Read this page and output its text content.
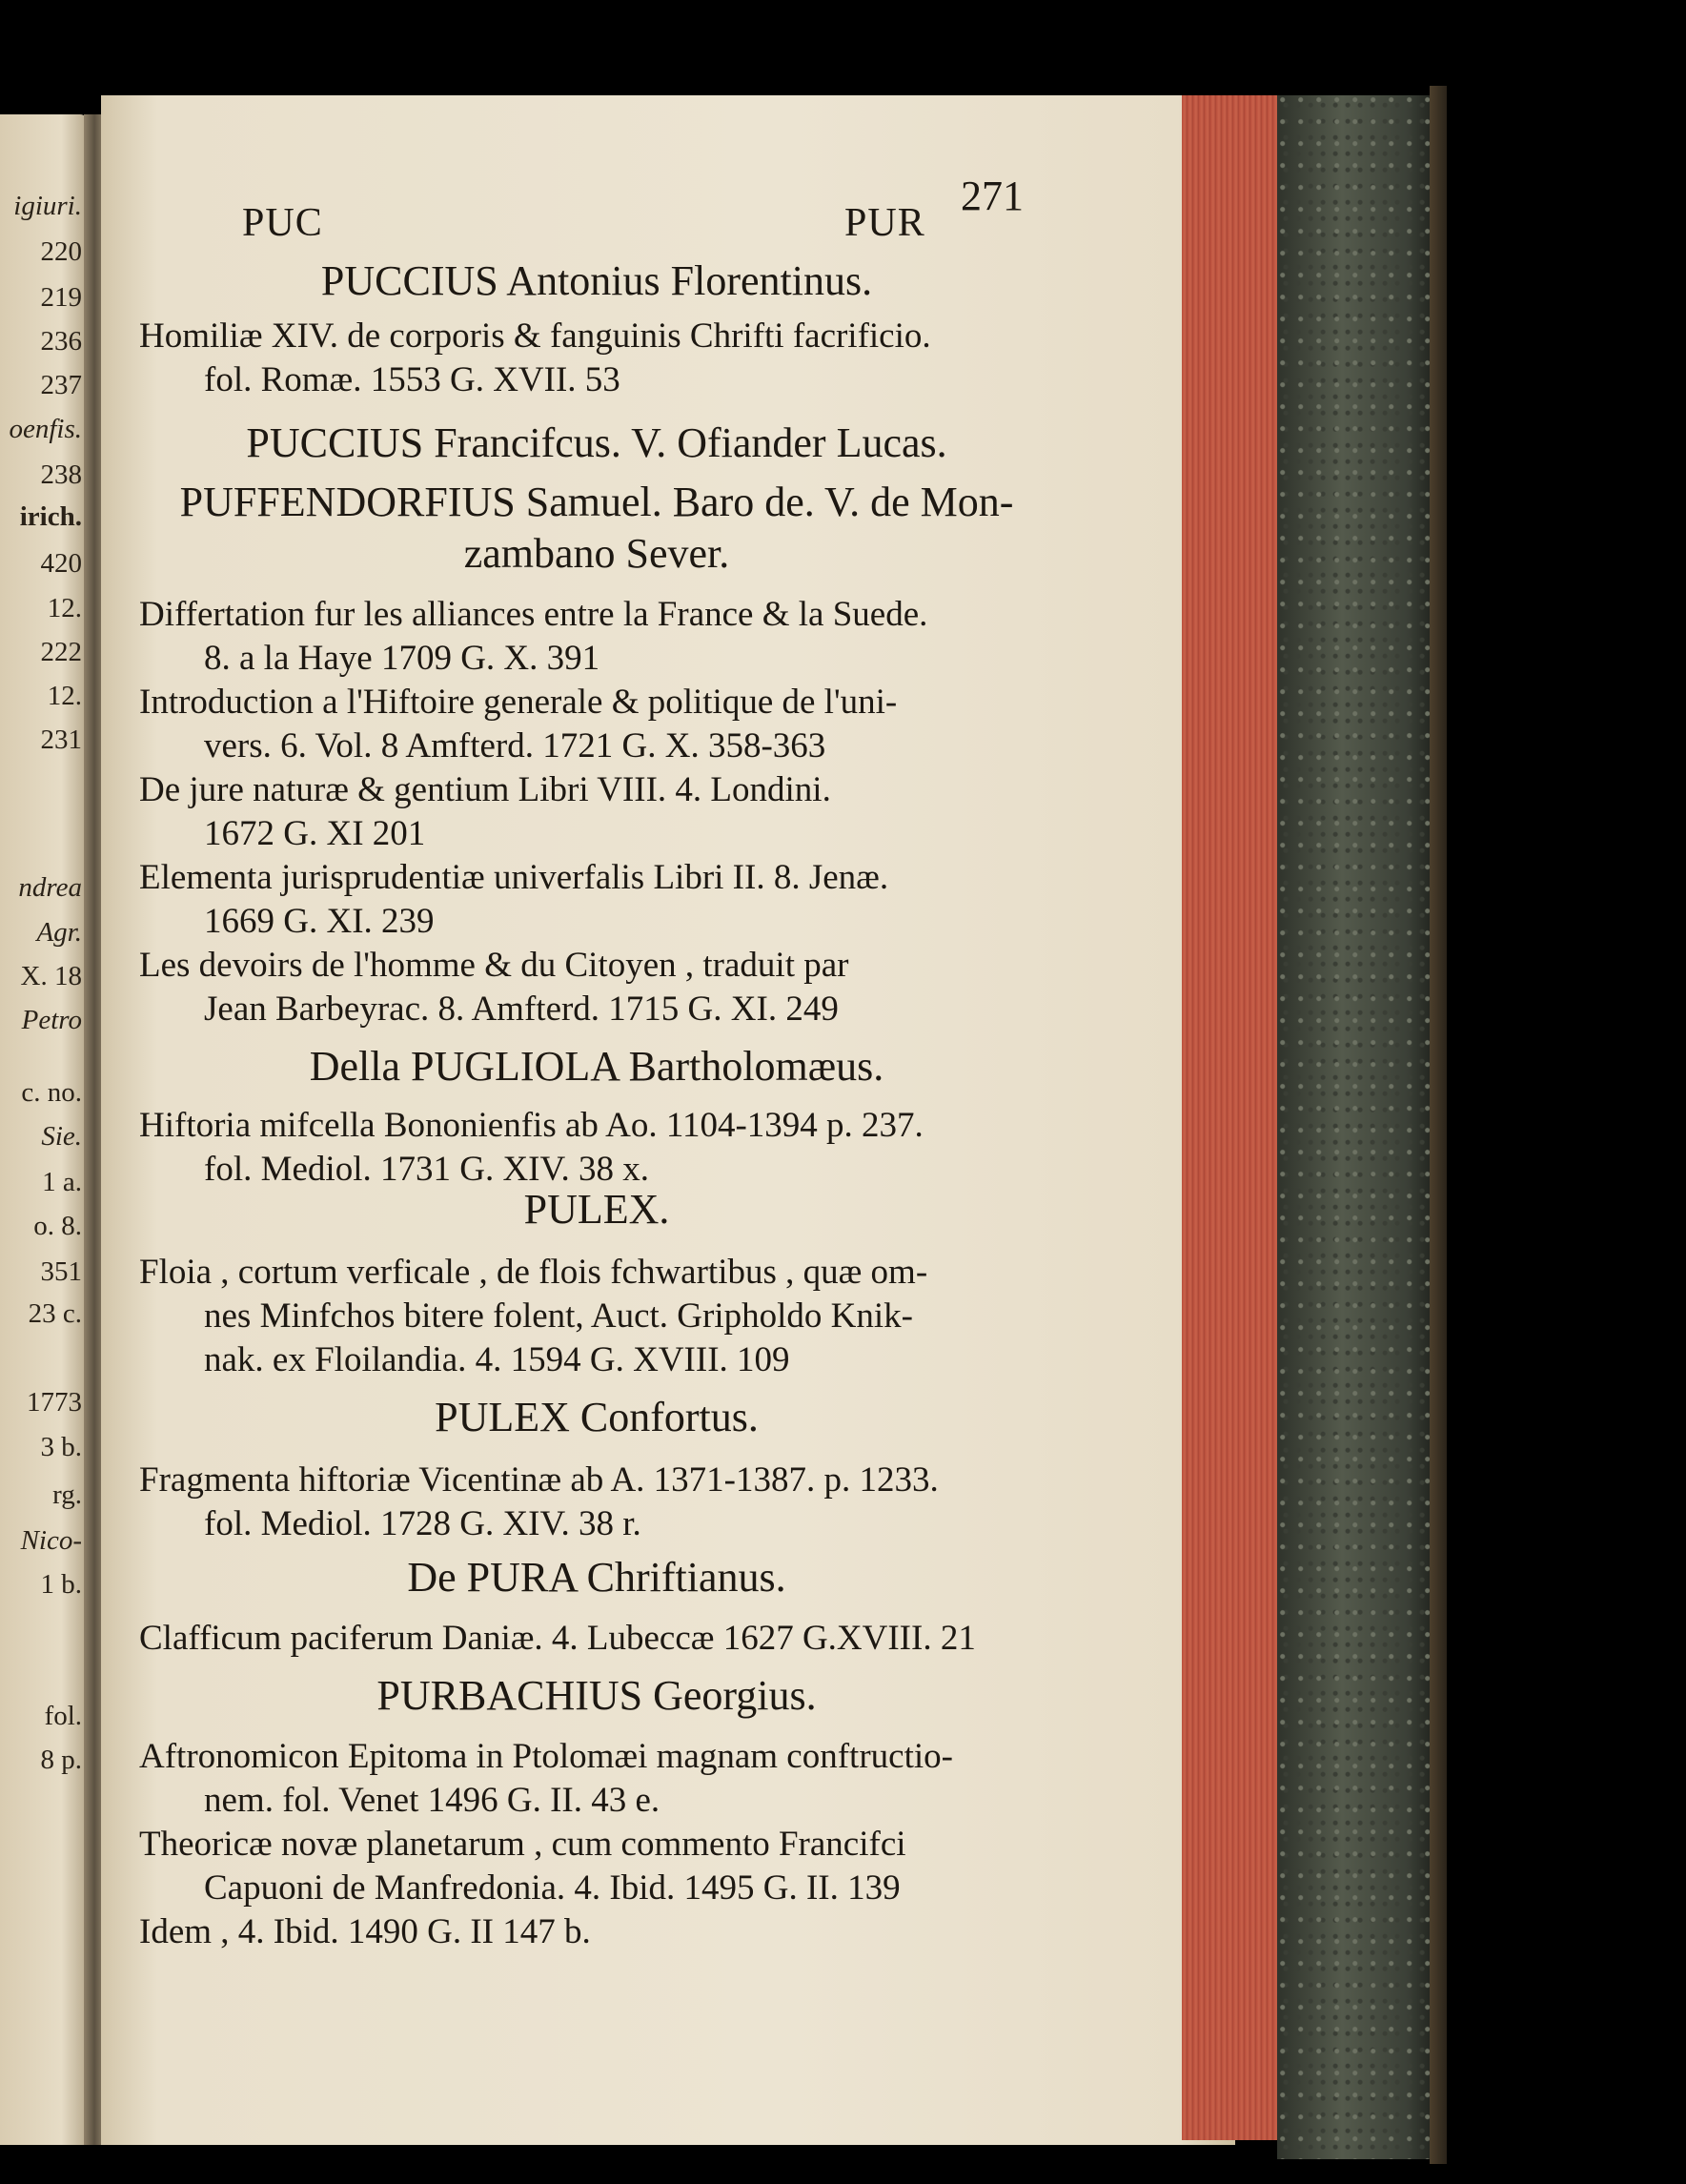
igiuri.
220
219
236
237
oenfis.
238
irich.
420
12.
222
12.
231
ndrea
Agr.
X. 18
Petro
c. no.
Sie.
1 a.
o. 8.
351
23 c.
1773
3 b.
rg.
Nico-
1 b.
fol.
8 p.
PUC	PUR
271
PUCCIUS Antonius Florentinus.
Homiliæ XIV. de corporis & fanguinis Chrifti facrificio.
fol. Romæ. 1553 G. XVII. 53
PUCCIUS Francifcus. V. Ofiander Lucas.
PUFFENDORFIUS Samuel. Baro de. V. de Mon-
zambano Sever.
Differtation fur les alliances entre la France & la Suede.
8. a la Haye 1709 G. X. 391
Introduction a l'Hiftoire generale & politique de l'uni-
vers. 6. Vol. 8 Amfterd. 1721 G. X. 358-363
De jure naturæ & gentium Libri VIII. 4. Londini.
1672 G. XI 201
Elementa jurisprudentiæ univerfalis Libri II. 8. Jenæ.
1669 G. XI. 239
Les devoirs de l'homme & du Citoyen , traduit par
Jean Barbeyrac. 8. Amfterd. 1715 G. XI. 249
Della PUGLIOLA Bartholomæus.
Hiftoria mifcella Bononienfis ab Ao. 1104-1394 p. 237.
fol. Mediol. 1731 G. XIV. 38 x.
PULEX.
Floia , cortum verficale , de flois fchwartibus , quæ om-
nes Minfchos bitere folent, Auct. Gripholdo Knik-
nak. ex Floilandia. 4. 1594 G. XVIII. 109
PULEX Confortus.
Fragmenta hiftoriæ Vicentinæ ab A. 1371-1387. p. 1233.
fol. Mediol. 1728 G. XIV. 38 r.
De PURA Chriftianus.
Clafficum paciferum Daniæ. 4. Lubeccæ 1627 G.XVIII. 21
PURBACHIUS Georgius.
Aftronomicon Epitoma in Ptolomæi magnam conftructio-
nem. fol. Venet 1496 G. II. 43 e.
Theoricæ novæ planetarum , cum commento Francifci
Capuoni de Manfredonia. 4. Ibid. 1495 G. II. 139
Idem , 4. Ibid. 1490 G. II 147 b.
